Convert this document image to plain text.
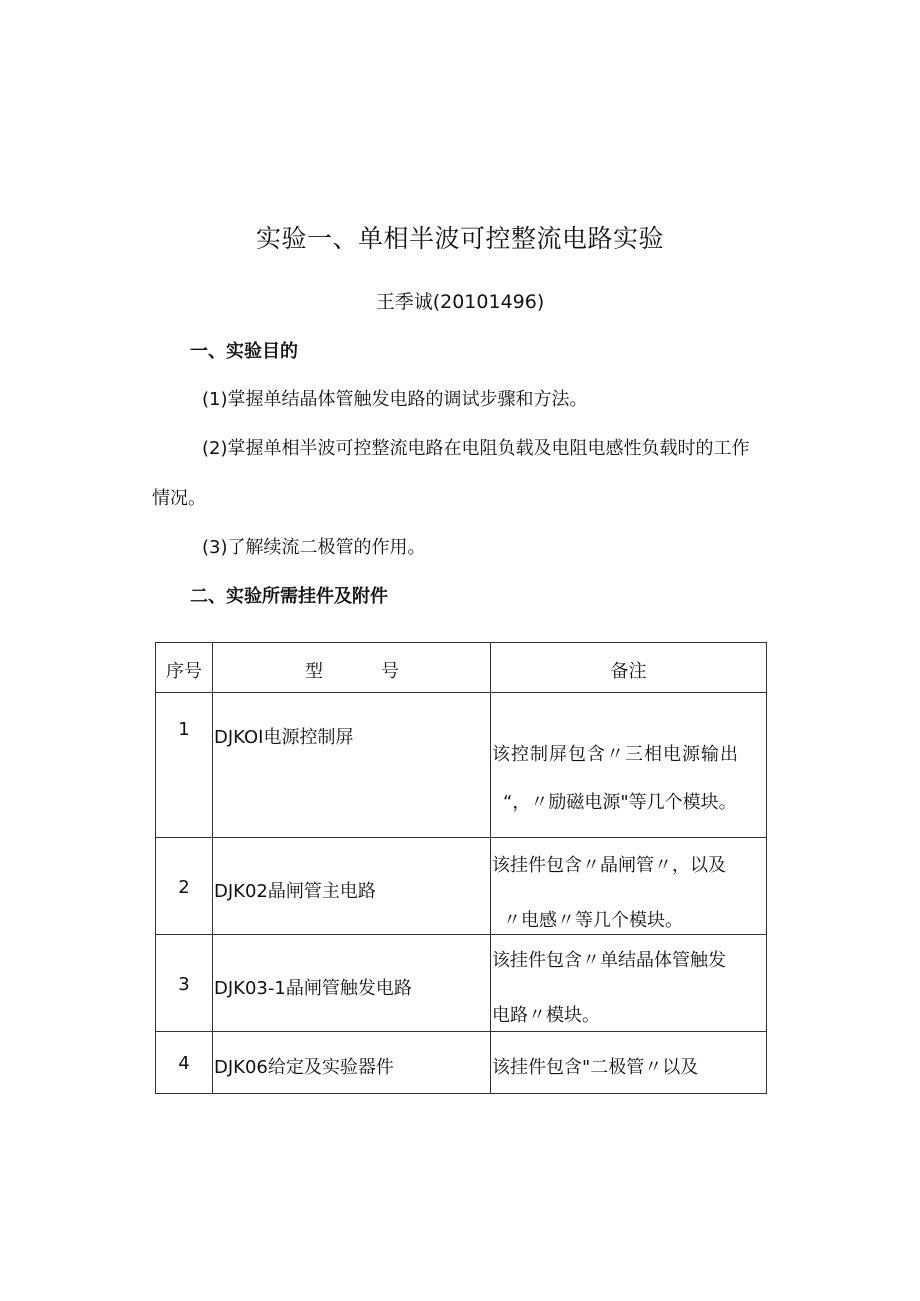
实验一、单相半波可控整流电路实验
王季诚(20101496)
一、实验目的
(1)掌握单结晶体管触发电路的调试步骤和方法。
(2)掌握单相半波可控整流电路在电阻负载及电阻电感性负载时的工作
情况。
(3)了解续流二极管的作用。
二、实验所需挂件及附件
序号	型 号	备注

1	DJKOI电源控制屏	该控制屏包含〃三相电源输出
“，〃励磁电源"等几个模块。

2	DJK02晶闸管主电路	该挂件包含〃晶闸管〃，以及
〃电感〃等几个模块。

3	DJK03-1晶闸管触发电路	该挂件包含〃单结晶体管触发
电路〃模块。

4	DJK06给定及实验器件	该挂件包含"二极管〃以及
